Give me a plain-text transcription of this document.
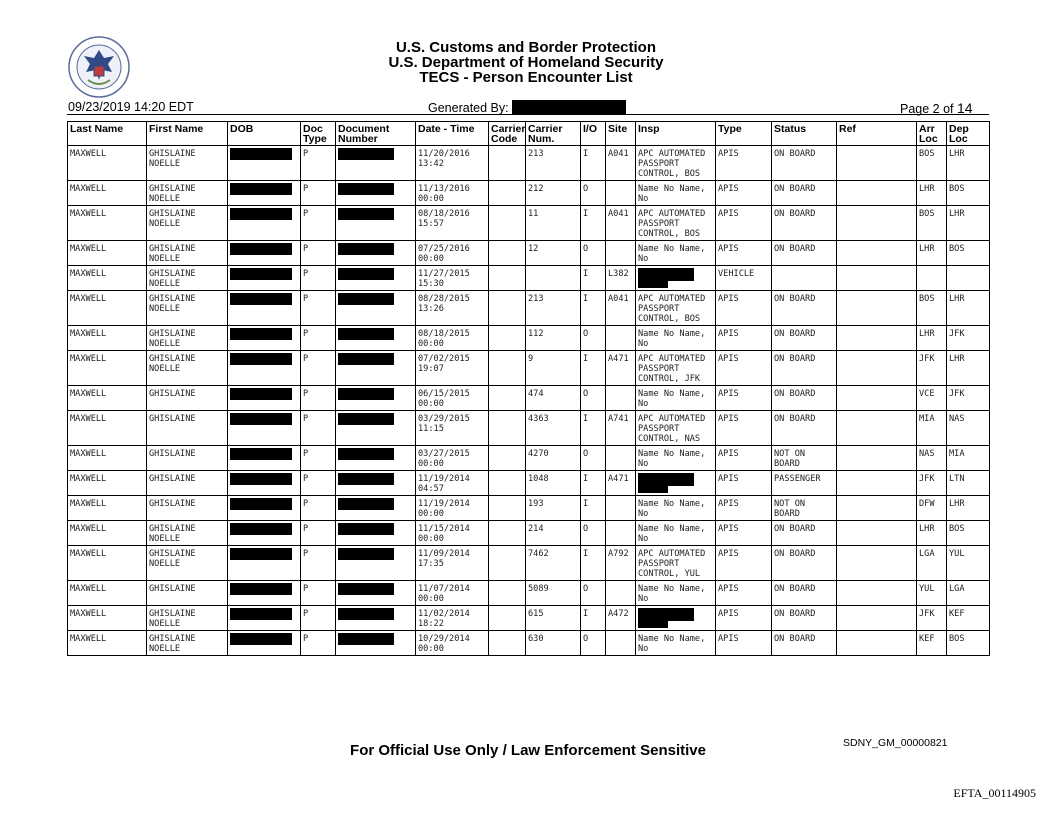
U.S. Customs and Border Protection
U.S. Department of Homeland Security
TECS - Person Encounter List
09/23/2019 14:20 EDT	Generated By:	Page 2 of 14
Last Name	First Name	DOB	Doc Type	Document Number	Date - Time	Carrier Code	Carrier Num.	I/O	Site	Insp	Type	Status	Ref	Arr Loc	Dep Loc
MAXWELL	GHISLAINE NOELLE		P		11/20/2016 13:42		213	I	A041	APC AUTOMATED PASSPORT CONTROL, BOS	APIS	ON BOARD		BOS	LHR
MAXWELL	GHISLAINE NOELLE		P		11/13/2016 00:00		212	O		Name No Name, No	APIS	ON BOARD		LHR	BOS
MAXWELL	GHISLAINE NOELLE		P		08/18/2016 15:57		11	I	A041	APC AUTOMATED PASSPORT CONTROL, BOS	APIS	ON BOARD		BOS	LHR
MAXWELL	GHISLAINE NOELLE		P		07/25/2016 00:00		12	O		Name No Name, No	APIS	ON BOARD		LHR	BOS
MAXWELL	GHISLAINE NOELLE		P		11/27/2015 15:30			I	L382		VEHICLE				
MAXWELL	GHISLAINE NOELLE		P		08/28/2015 13:26		213	I	A041	APC AUTOMATED PASSPORT CONTROL, BOS	APIS	ON BOARD		BOS	LHR
MAXWELL	GHISLAINE NOELLE		P		08/18/2015 00:00		112	O		Name No Name, No	APIS	ON BOARD		LHR	JFK
MAXWELL	GHISLAINE NOELLE		P		07/02/2015 19:07		9	I	A471	APC AUTOMATED PASSPORT CONTROL, JFK	APIS	ON BOARD		JFK	LHR
MAXWELL	GHISLAINE		P		06/15/2015 00:00		474	O		Name No Name, No	APIS	ON BOARD		VCE	JFK
MAXWELL	GHISLAINE		P		03/29/2015 11:15		4363	I	A741	APC AUTOMATED PASSPORT CONTROL, NAS	APIS	ON BOARD		MIA	NAS
MAXWELL	GHISLAINE		P		03/27/2015 00:00		4270	O		Name No Name, No	APIS	NOT ON BOARD		NAS	MIA
MAXWELL	GHISLAINE		P		11/19/2014 04:57		1048	I	A471		APIS	PASSENGER		JFK	LTN
MAXWELL	GHISLAINE		P		11/19/2014 00:00		193	I		Name No Name, No	APIS	NOT ON BOARD		DFW	LHR
MAXWELL	GHISLAINE NOELLE		P		11/15/2014 00:00		214	O		Name No Name, No	APIS	ON BOARD		LHR	BOS
MAXWELL	GHISLAINE NOELLE		P		11/09/2014 17:35		7462	I	A792	APC AUTOMATED PASSPORT CONTROL, YUL	APIS	ON BOARD		LGA	YUL
MAXWELL	GHISLAINE		P		11/07/2014 00:00		5089	O		Name No Name, No	APIS	ON BOARD		YUL	LGA
MAXWELL	GHISLAINE NOELLE		P		11/02/2014 18:22		615	I	A472		APIS	ON BOARD		JFK	KEF
MAXWELL	GHISLAINE NOELLE		P		10/29/2014 00:00		630	O		Name No Name, No	APIS	ON BOARD		KEF	BOS
For Official Use Only / Law Enforcement Sensitive	SDNY_GM_00000821
EFTA_00114905
